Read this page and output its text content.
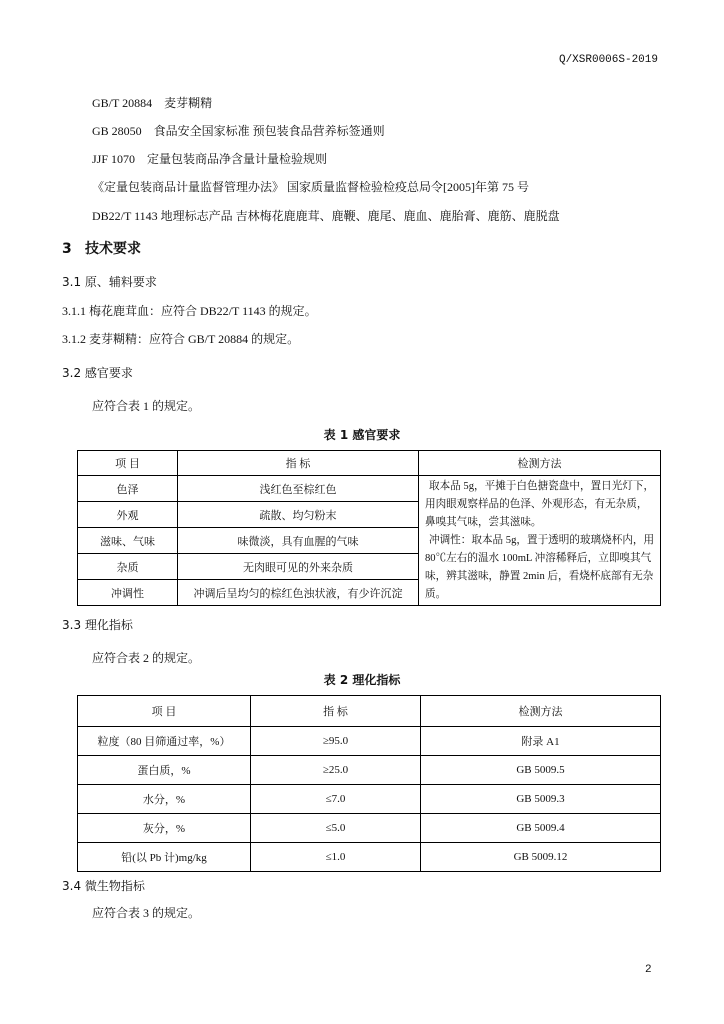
Q/XSR0006S-2019

GB/T 20884　麦芽糊精

GB 28050　食品安全国家标准 预包装食品营养标签通则

JJF 1070　定量包装商品净含量计量检验规则

《定量包装商品计量监督管理办法》 国家质量监督检验检疫总局令[2005]年第 75 号

DB22/T 1143 地理标志产品 吉林梅花鹿鹿茸、鹿鞭、鹿尾、鹿血、鹿胎膏、鹿筋、鹿脱盘

3 技术要求
3.1 原、辅料要求

3.1.1 梅花鹿茸血：应符合 DB22/T 1143 的规定。

3.1.2 麦芽糊精：应符合 GB/T 20884 的规定。

3.2 感官要求

应符合表 1 的规定。

表 1 感官要求
项 目	指 标	检测方法
色泽	浅红色至棕红色	取本品 5g，平摊于白色搪瓷盘中，置日光灯下，用肉眼观察样品的色泽、外观形态，有无杂质，鼻嗅其气味，尝其滋味。

冲调性：取本品 5g，置于透明的玻璃烧杯内，用 80℃左右的温水 100mL 冲溶稀释后，立即嗅其气味，辨其滋味，静置 2min 后，看烧杯底部有无杂质。

外观	疏散、均匀粉末	
滋味、气味	味微淡，具有血腥的气味	
杂质	无肉眼可见的外来杂质	
冲调性	冲调后呈均匀的棕红色浊状液，有少许沉淀	
3.3 理化指标

应符合表 2 的规定。

表 2 理化指标
项 目	指 标	检测方法
粒度（80 目筛通过率，%）	≥95.0	附录 A1
蛋白质，%	≥25.0	GB 5009.5
水分，%	≤7.0	GB 5009.3
灰分，%	≤5.0	GB 5009.4
铅(以 Pb 计)mg/kg	≤1.0	GB 5009.12
3.4 微生物指标

应符合表 3 的规定。

2
